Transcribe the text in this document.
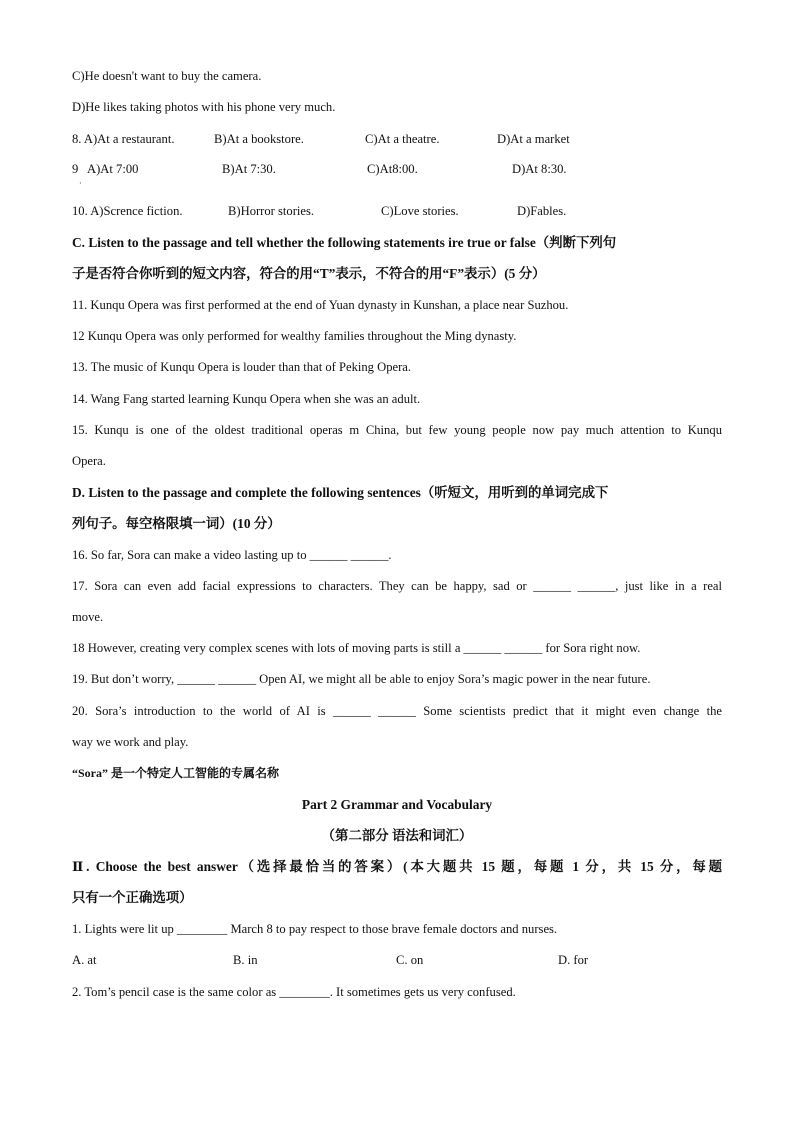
C)He doesn't want to buy the camera.
D)He likes taking photos with his phone very much.
8. A)At a restaurant.	B)At a bookstore.	C)At a theatre.	D)At a market
9 A)At 7:00	B)At 7:30.	C)At8:00.	D)At 8:30.
·
10. A)Scrence fiction.	B)Horror stories.	C)Love stories.	D)Fables.
C. Listen to the passage and tell whether the following statements ire true or false（判断下列句
子是否符合你听到的短文内容，符合的用“T”表示，不符合的用“F”表示）(5 分）
11. Kunqu Opera was first performed at the end of Yuan dynasty in Kunshan, a place near Suzhou.
12 Kunqu Opera was only performed for wealthy families throughout the Ming dynasty.
13. The music of Kunqu Opera is louder than that of Peking Opera.
14. Wang Fang started learning Kunqu Opera when she was an adult.
15. Kunqu is one of the oldest traditional operas m China, but few young people now pay much attention to Kunqu
Opera.
D. Listen to the passage and complete the following sentences（听短文，用听到的单词完成下
列句子。每空格限填一词）(10 分）
16. So far, Sora can make a video lasting up to ______ ______.
17. Sora can even add facial expressions to characters. They can be happy, sad or ______ ______, just like in a real
move.
18 However, creating very complex scenes with lots of moving parts is still a ______ ______ for Sora right now.
19. But don’t worry, ______ ______ Open AI, we might all be able to enjoy Sora’s magic power in the near future.
20. Sora’s introduction to the world of AI is ______ ______ Some scientists predict that it might even change the
way we work and play.
“Sora” 是一个特定人工智能的专属名称
Part 2 Grammar and Vocabulary
（第二部分 语法和词汇）
Ⅱ. Choose the best answer（选择最恰当的答案）(本大题共 15 题，每题 1 分，共 15 分，每题
只有一个正确选项）
1. Lights were lit up ________ March 8 to pay respect to those brave female doctors and nurses.
A. at	B. in	C. on	D. for
2. Tom’s pencil case is the same color as ________. It sometimes gets us very confused.
